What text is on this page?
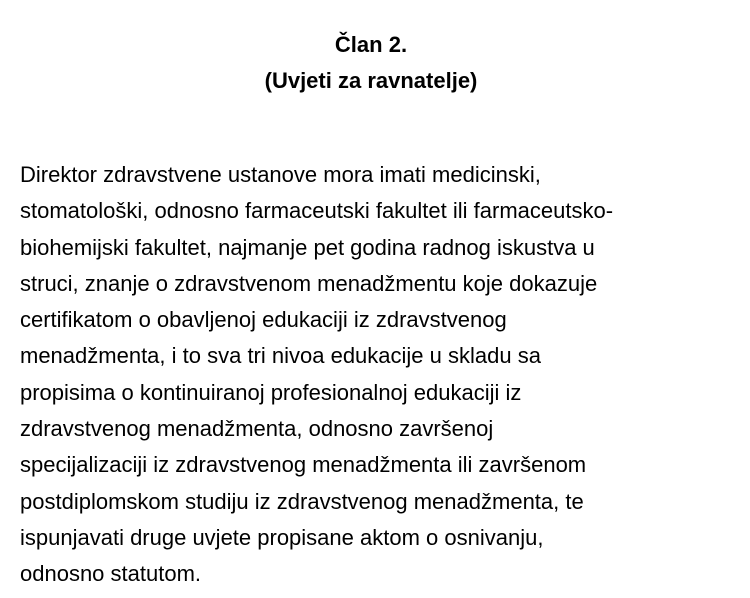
Član 2.
(Uvjeti za ravnatelje)
Direktor zdravstvene ustanove mora imati medicinski,
stomatološki, odnosno farmaceutski fakultet ili farmaceutsko-
biohemijski fakultet, najmanje pet godina radnog iskustva u
struci, znanje o zdravstvenom menadžmentu koje dokazuje
certifikatom o obavljenoj edukaciji iz zdravstvenog
menadžmenta, i to sva tri nivoa edukacije u skladu sa
propisima o kontinuiranoj profesionalnoj edukaciji iz
zdravstvenog menadžmenta, odnosno završenoj
specijalizaciji iz zdravstvenog menadžmenta ili završenom
postdiplomskom studiju iz zdravstvenog menadžmenta, te
ispunjavati druge uvjete propisane aktom o osnivanju,
odnosno statutom.
